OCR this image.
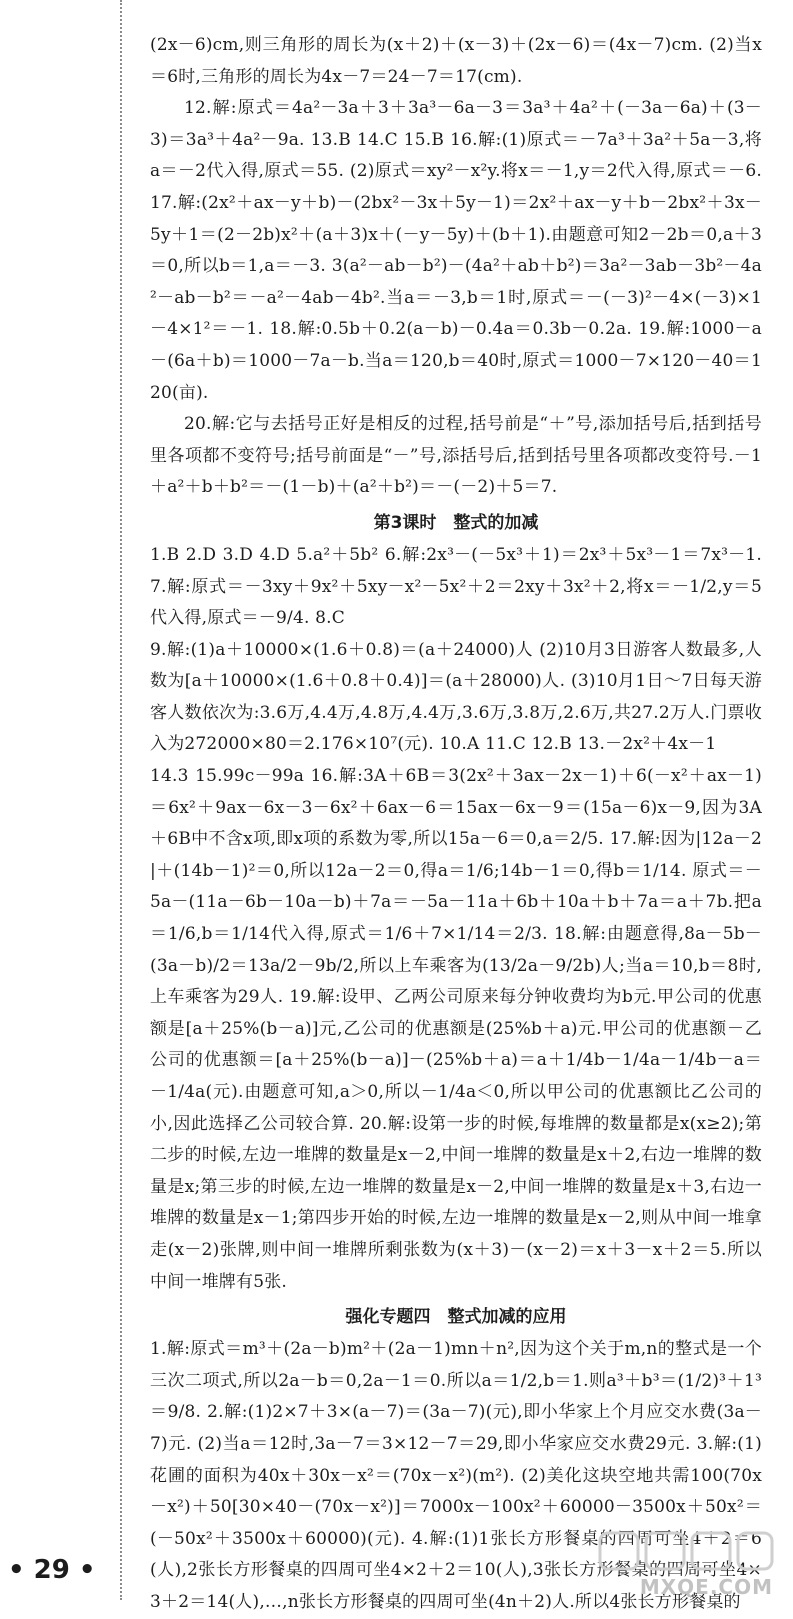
(2x－6)cm,则三角形的周长为(x＋2)＋(x－3)＋(2x－6)＝(4x－7)cm. (2)当x＝6时,三角形的周长为4x－7＝24－7＝17(cm).

12.解:原式＝4a²－3a＋3＋3a³－6a－3＝3a³＋4a²＋(－3a－6a)＋(3－3)＝3a³＋4a²－9a. 13.B 14.C 15.B 16.解:(1)原式＝－7a³＋3a²＋5a－3,将a＝－2代入得,原式＝55. (2)原式＝xy²－x²y.将x＝－1,y＝2代入得,原式＝－6. 17.解:(2x²＋ax－y＋b)－(2bx²－3x＋5y－1)＝2x²＋ax－y＋b－2bx²＋3x－5y＋1＝(2－2b)x²＋(a＋3)x＋(－y－5y)＋(b＋1).由题意可知2－2b＝0,a＋3＝0,所以b＝1,a＝－3. 3(a²－ab－b²)－(4a²＋ab＋b²)＝3a²－3ab－3b²－4a²－ab－b²＝－a²－4ab－4b².当a＝－3,b＝1时,原式＝－(－3)²－4×(－3)×1－4×1²＝－1. 18.解:0.5b＋0.2(a－b)－0.4a＝0.3b－0.2a. 19.解:1000－a－(6a＋b)＝1000－7a－b.当a＝120,b＝40时,原式＝1000－7×120－40＝120(亩).

20.解:它与去括号正好是相反的过程,括号前是“＋”号,添加括号后,括到括号里各项都不变符号;括号前面是“－”号,添括号后,括到括号里各项都改变符号.－1＋a²＋b＋b²＝－(1－b)＋(a²＋b²)＝－(－2)＋5＝7.

第3课时　整式的加减

1.B 2.D 3.D 4.D 5.a²＋5b² 6.解:2x³－(－5x³＋1)＝2x³＋5x³－1＝7x³－1. 7.解:原式＝－3xy＋9x²＋5xy－x²－5x²＋2＝2xy＋3x²＋2,将x＝－1/2,y＝5代入得,原式＝－9/4. 8.C

9.解:(1)a＋10000×(1.6＋0.8)＝(a＋24000)人 (2)10月3日游客人数最多,人数为[a＋10000×(1.6＋0.8＋0.4)]＝(a＋28000)人. (3)10月1日～7日每天游客人数依次为:3.6万,4.4万,4.8万,4.4万,3.6万,3.8万,2.6万,共27.2万人.门票收入为272000×80＝2.176×10⁷(元). 10.A 11.C 12.B 13.－2x²＋4x－1

14.3 15.99c－99a 16.解:3A＋6B＝3(2x²＋3ax－2x－1)＋6(－x²＋ax－1)＝6x²＋9ax－6x－3－6x²＋6ax－6＝15ax－6x－9＝(15a－6)x－9,因为3A＋6B中不含x项,即x项的系数为零,所以15a－6＝0,a＝2/5. 17.解:因为|12a－2|＋(14b－1)²＝0,所以12a－2＝0,得a＝1/6;14b－1＝0,得b＝1/14. 原式＝－5a－(11a－6b－10a－b)＋7a＝－5a－11a＋6b＋10a＋b＋7a＝a＋7b.把a＝1/6,b＝1/14代入得,原式＝1/6＋7×1/14＝2/3. 18.解:由题意得,8a－5b－(3a－b)/2＝13a/2－9b/2,所以上车乘客为(13/2a－9/2b)人;当a＝10,b＝8时,上车乘客为29人. 19.解:设甲、乙两公司原来每分钟收费均为b元.甲公司的优惠额是[a＋25%(b－a)]元,乙公司的优惠额是(25%b＋a)元.甲公司的优惠额－乙公司的优惠额＝[a＋25%(b－a)]－(25%b＋a)＝a＋1/4b－1/4a－1/4b－a＝－1/4a(元).由题意可知,a＞0,所以－1/4a＜0,所以甲公司的优惠额比乙公司的小,因此选择乙公司较合算. 20.解:设第一步的时候,每堆牌的数量都是x(x≥2);第二步的时候,左边一堆牌的数量是x－2,中间一堆牌的数量是x＋2,右边一堆牌的数量是x;第三步的时候,左边一堆牌的数量是x－2,中间一堆牌的数量是x＋3,右边一堆牌的数量是x－1;第四步开始的时候,左边一堆牌的数量是x－2,则从中间一堆拿走(x－2)张牌,则中间一堆牌所剩张数为(x＋3)－(x－2)＝x＋3－x＋2＝5.所以中间一堆牌有5张.

强化专题四　整式加减的应用

1.解:原式＝m³＋(2a－b)m²＋(2a－1)mn＋n²,因为这个关于m,n的整式是一个三次二项式,所以2a－b＝0,2a－1＝0.所以a＝1/2,b＝1.则a³＋b³＝(1/2)³＋1³＝9/8. 2.解:(1)2×7＋3×(a－7)＝(3a－7)(元),即小华家上个月应交水费(3a－7)元. (2)当a＝12时,3a－7＝3×12－7＝29,即小华家应交水费29元. 3.解:(1)花圃的面积为40x＋30x－x²＝(70x－x²)(m²). (2)美化这块空地共需100(70x－x²)＋50[30×40－(70x－x²)]＝7000x－100x²＋60000－3500x＋50x²＝(－50x²＋3500x＋60000)(元). 4.解:(1)1张长方形餐桌的四周可坐4＋2＝6(人),2张长方形餐桌的四周可坐4×2＋2＝10(人),3张长方形餐桌的四周可坐4×3＋2＝14(人),…,n张长方形餐桌的四周可坐(4n＋2)人.所以4张长方形餐桌的

• 29 •
MXQE.COM
